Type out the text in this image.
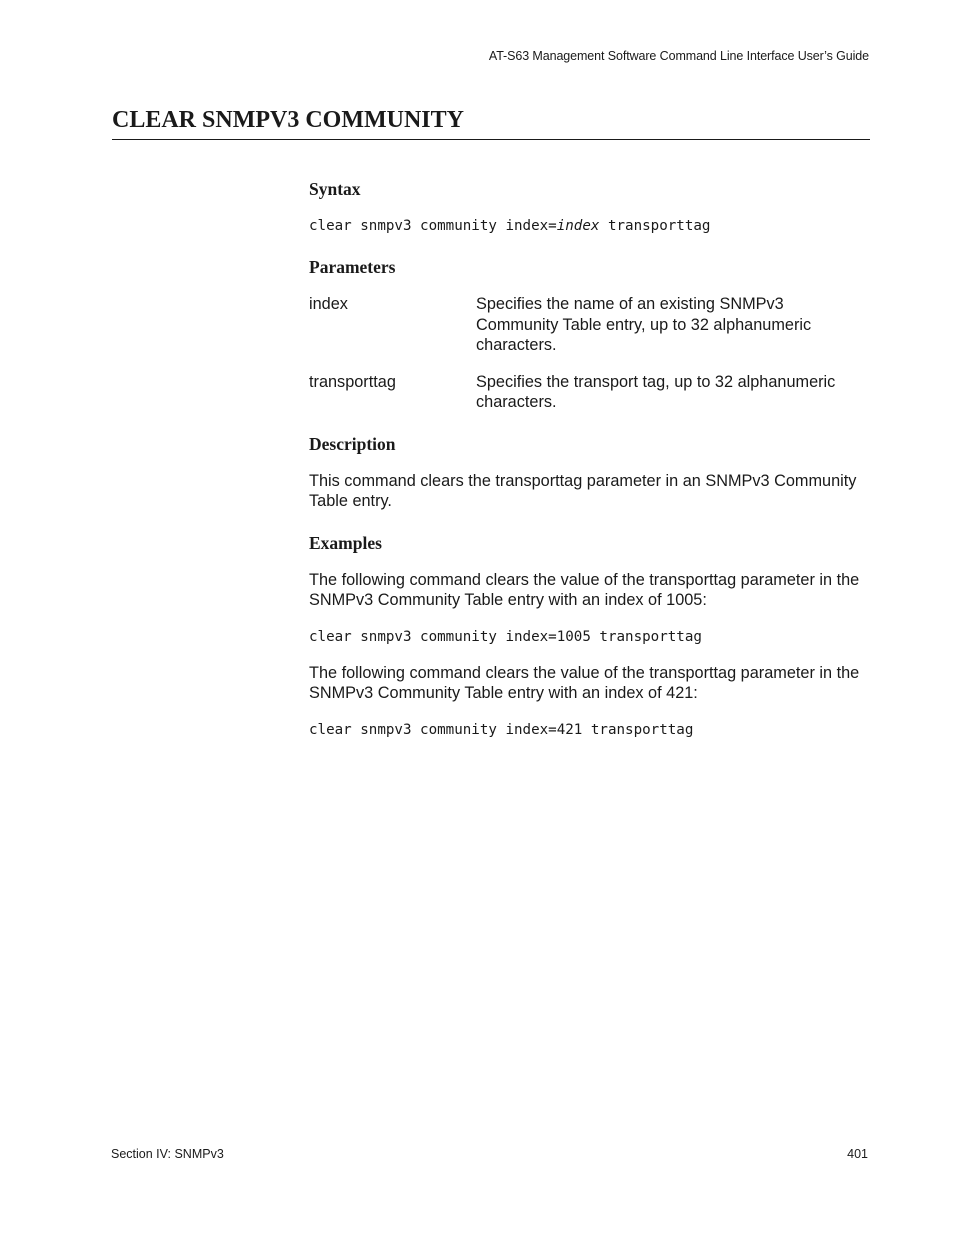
AT-S63 Management Software Command Line Interface User’s Guide
CLEAR SNMPV3 COMMUNITY
Syntax
clear snmpv3 community index=index transporttag
Parameters
index	Specifies the name of an existing SNMPv3 Community Table entry, up to 32 alphanumeric characters.
transporttag	Specifies the transport tag, up to 32 alphanumeric characters.
Description

This command clears the transporttag parameter in an SNMPv3 Community Table entry.

Examples

The following command clears the value of the transporttag parameter in the SNMPv3 Community Table entry with an index of 1005:

clear snmpv3 community index=1005 transporttag

The following command clears the value of the transporttag parameter in the SNMPv3 Community Table entry with an index of 421:

clear snmpv3 community index=421 transporttag
Section IV: SNMPv3	401
